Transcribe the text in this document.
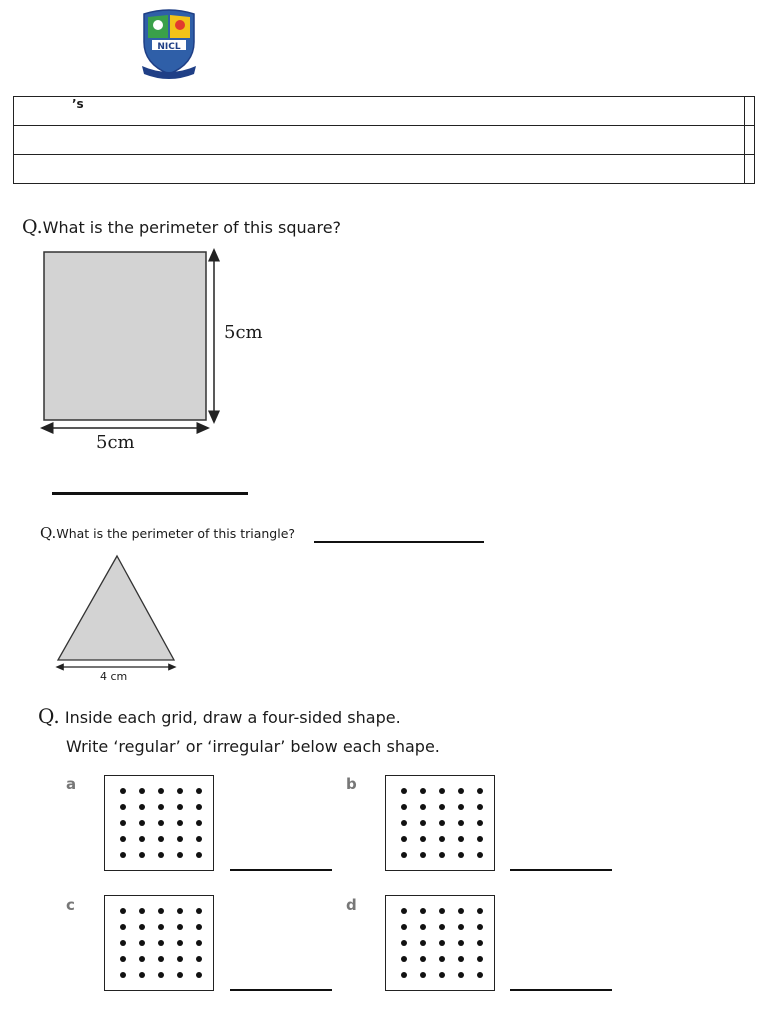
NICL
’s	

Q.What is the perimeter of this square?
5cm
5cm
Q.What is the perimeter of this triangle?
4 cm
Q. Inside each grid, draw a four-sided shape.
Write ‘regular’ or ‘irregular’ below each shape.
a	b
c	d
